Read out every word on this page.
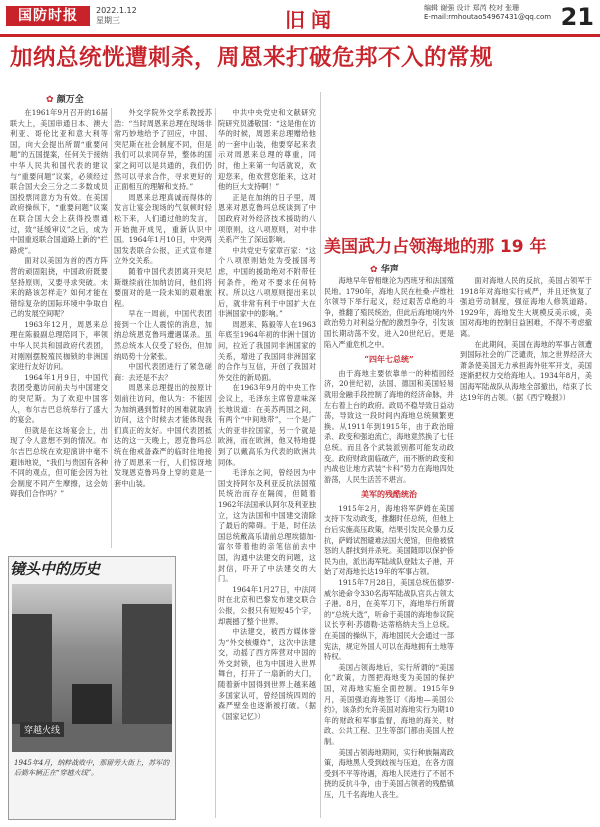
国防时报	2022.1.12
星期三	旧闻	编辑 谢强 设计 郑芮 校对 张珊
E-mail:rmhoutao54967431@qq.com 21
加纳总统恍遭刺杀，周恩来打破危邦不入的常规
✿ 颜万全

在1961年9月召开的16届联大上，美国串通日本、澳大利亚、哥伦比亚和意大利等国，向大会提出所谓“重要问题”的五国提案，任何关于接纳中华人民共和国代表的建议与“重要问题”议案，必须经过联合国大会三分之二多数成员国投票同意方为有效。在美国政府操纵下，“重要问题”议案在联合国大会上获得投票通过，致“延缓审议”之后，成为中国重返联合国道路上新的“拦路虎”。

面对以美国为首的西方阵营的顽固阻挠，中国政府既要坚持原则，又要寻求突破。未来的路该怎样走？如何才能在错综复杂的国际环境中争取自己的发展空间呢？

1963年12月，周恩来总理在陈毅副总理陪同下，率领中华人民共和国政府代表团，对刚刚摆脱殖民枷锁的非洲国家进行友好访问。

1964年1月9日，中国代表团受邀访问前夫与中国建交的突尼斯。为了欢迎中国客人，布尔吉巴总统举行了盛大的宴会。

但就是在这场宴会上，出现了令人意想不到的情况。布尔吉巴总统在欢迎演讲中毫不避讳地说，“我们与贵国有各种不同的观点，但可能会因为社会制度不同产生摩擦，这会妨碍我们合作吗？”

外交学院外交学系教授苏浩：“当时周恩来总理在现场非常巧妙地给予了回应，中国、突尼斯在社会制度不同，但是我们可以求同存异，整体的国家之间可以是共通的，我们仍然可以寻求合作，寻求更好的正面相互的理解和支持。”

周恩来总理真诚而得体的发言让宴会现场的气氛顿时轻松下来，人们通过他的发言，开始抛开成见，重新认识中国。1964年1月10日，中突两国发表联合公报，正式宣布建立外交关系。

随着中国代表团离开突尼斯继续前往加纳访问，他们将要面对的是一段未知的艰难旅程。

早在一周前，中国代表团接到一个让人震惊的消息，加纳总统恩克鲁玛遭遇谋杀。虽然总统本人仅受了轻伤，但加纳局势十分紧张。

中国代表团进行了紧急磋商：去还是不去？

周恩来总理提出的按原计划前往访问，他认为：不能因为加纳遇到暂时的困难就取消访问，这个时候去才能体现我们真正的友好。中国代表团抵达的这一天晚上，恩克鲁玛总统在他戒备森严的临时住地接待了周恩来一行，人们惊讶地发现恩克鲁玛身上穿的竟是一套中山装。

中共中央党史和文献研究院研究员潘敬国：“这是他在访华的时候，周恩来总理赠给他的一套中山装，他要穿起来表示对周恩来总理的尊重，同时，他上来第一句话就说，欢迎您来，他欢营您能来，这对他的巨大支持啊！”

正是在加纳的日子里，周恩来对恩克鲁玛总统谈到了中国政府对外经济技术援助的八项原则，这八项原则，对中非关系产生了深远影响。

中共党史专家章百家：“这个八项原则始处为受援国考虑，中国的援助绝对不附带任何条件，绝对不要求任何特权。所以这八项原则提出来以后，就非常有利于中国扩大在非洲国家中的影响。”

周恩来、陈毅等人在1963年底至1964年初的非洲十国访问，拉近了我国同非洲国家的关系，增进了我国同非洲国家的合作与互信，开创了我国对外交往的新局面。

在1963年9月的中央工作会议上，毛泽东主席曾意味深长地说道：在美苏两国之间，有两个“中间地带”，一个是广大的亚非拉国家，另一个就是欧洲，而在欧洲，他又特地提到了以戴高乐为代表的欧洲共同体。

毛泽东之间，曾经因为中国支持阿尔及利亚反抗法国殖民统治而存在隔阂，但随着1962年法国承认阿尔及利亚独立，这为法国和中国建交清除了最后的障碍。于是，时任法国总统戴高乐请前总理埃德加·富尔带着他的亲笔信前去中国，沟通中法建交的问题，这封信，吓开了中法建交的大门。

1964年1月27日，中法同时在北京和巴黎发布建交联合公报，公报只有短短45个字，却震撼了整个世界。

中法建交，被西方媒体誉为“外交核爆炸”，这次中法建交，动摇了西方阵营对中国的外交封锁，也为中国进入世界舞台，打开了一扇新的大门，随着新中国得到世界上越来越多国家认可，曾经国统四周的森严壁垒也逐渐被打破。（据《国家记忆》）

美国武力占领海地的那 19 年
✿ 华声

海地早年曾相继沦为西班牙和法国殖民地。1790年，海地人民在杜桑·卢维杜尔领导下举行起义，经过艰苦卓绝的斗争，推翻了殖民统治，但此后海地境内外政治势力对利益分配的激烈争夺，引发该国长期动荡不安，进入20世纪后，更是陷入严重危机之中。

“四年七总统”

由于海地主要依靠单一的种植园经济，20世纪初，法国、德国和美国轻易就用金融手段控制了海地的经济命脉，并左右着上台的政府。政局不稳导致日益动荡，导致这一段时间内海地总统频繁更换。从1911年到1915年，由于政治暗杀、政变和强迫流亡，海地竟然换了七任总统。而且各个武装派别都可能发动政变。政府财政面临破产，而不断的政变和内战也让地方武装“卡科”势力在海地四处游荡，人民生活苦不堪言。

美军的残酷统治

1915年2月，海地将军萨姆在美国支持下发动政变，推翻时任总统，但他上台后实施高压政策，结果引发民众暴力反抗，萨姆试图避难法国大使馆，但他被愤怒的人群找到并杀死。美国随即以保护侨民为由，派出海军陆战队登陆太子港，开始了对海地长达19年的军事占领。

1915年7月28日，美国总统伍德罗·威尔逊命令330名海军陆战队官兵占领太子港。8月，在美军刀下，海地举行所谓的“总统大选”，听命于美国的海地参议院议长亨利·苏德勒·达蒂格纳夫当上总统。在美国的操纵下，海地国民大会通过一部宪法，规定外国人可以在海地拥有土地等特权。

美国占领海地后，实行所谓的“美国化”政策，力图把海地变为美国的保护国，对海地实施全面控制。1915年9月，美国强迫海地签订《海地—美国公约》，该条约允许美国对海地实行为期10年的财政和军事监督，海地的海关、财政、公共工程、卫生等部门都由美国人控制。

美国占领海地期间，实行种族隔离政策，海地黑人受到歧视与压迫，在各方面受到不平等待遇，海地人民进行了不屈不挠的反抗斗争，由于美国占领者的残酷镇压，几千名海地人丧生。

面对海地人民的反抗，美国占领军于1918年对海地实行戒严，并且还恢复了强迫劳动制度，强征海地人修筑道路。1929年，海地发生大规模反美示威，美国对海地的控制日益困难，不得不考虑撤离。

在此期间，美国在海地的军事占领遭到国际社会的广泛谴责，加之世界经济大萧条使美国无力承担海外驻军开支，美国逐渐把权力交给海地人。1934年8月，美国海军陆战队从海地全部撤出，结束了长达19年的占领。（据《西宁晚报》）

镜头中的历史
穿越火线
1945年4月，纳粹战败中，那留劳大街上，苏军的后勤车辆正在“穿越火线”。
